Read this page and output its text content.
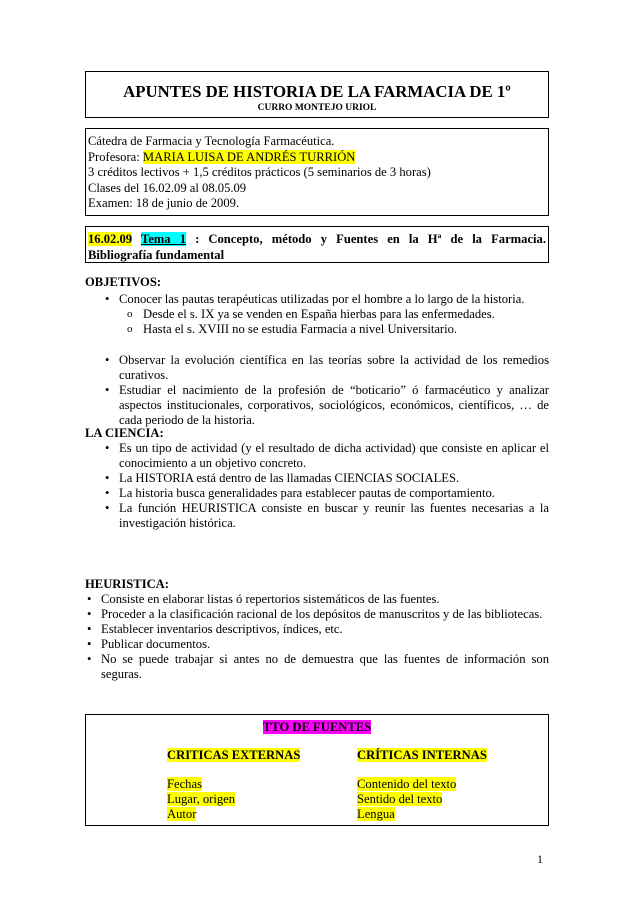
APUNTES DE HISTORIA DE LA FARMACIA DE 1º
CURRO MONTEJO URIOL
Cátedra de Farmacia y Tecnología Farmacéutica.
Profesora: MARIA LUISA DE ANDRÉS TURRIÓN
3 créditos lectivos + 1,5 créditos prácticos (5 seminarios de 3 horas)
Clases del 16.02.09 al 08.05.09
Examen: 18 de junio de 2009.
16.02.09 Tema 1 : Concepto, método y Fuentes en la Hª de la Farmacia.
Bibliografía fundamental
OBJETIVOS:
• Conocer las pautas terapéuticas utilizadas por el hombre a lo largo de la historia.
o Desde el s. IX ya se venden en España hierbas para las enfermedades.
o Hasta el s. XVIII no se estudia Farmacia a nivel Universitario.
• Observar la evolución científica en las teorías sobre la actividad de los remedios curativos.
• Estudiar el nacimiento de la profesión de “boticario” ó farmacéutico y analizar aspectos institucionales, corporativos, sociológicos, económicos, científicos, … de cada periodo de la historia.
LA CIENCIA:
• Es un tipo de actividad (y el resultado de dicha actividad) que consiste en aplicar el conocimiento a un objetivo concreto.
• La HISTORIA está dentro de las llamadas CIENCIAS SOCIALES.
• La historia busca generalidades para establecer pautas de comportamiento.
• La función HEURISTICA consiste en buscar y reunir las fuentes necesarias a la investigación histórica.
HEURISTICA:
• Consiste en elaborar listas ó repertorios sistemáticos de las fuentes.
• Proceder a la clasificación racional de los depósitos de manuscritos y de las bibliotecas.
• Establecer inventarios descriptivos, índices, etc.
• Publicar documentos.
• No se puede trabajar si antes no de demuestra que las fuentes de información son seguras.
TTO DE FUENTES
CRITICAS EXTERNAS
Fechas
Lugar, origen
Autor
CRÍTICAS INTERNAS
Contenido del texto
Sentido del texto
Lengua
1
